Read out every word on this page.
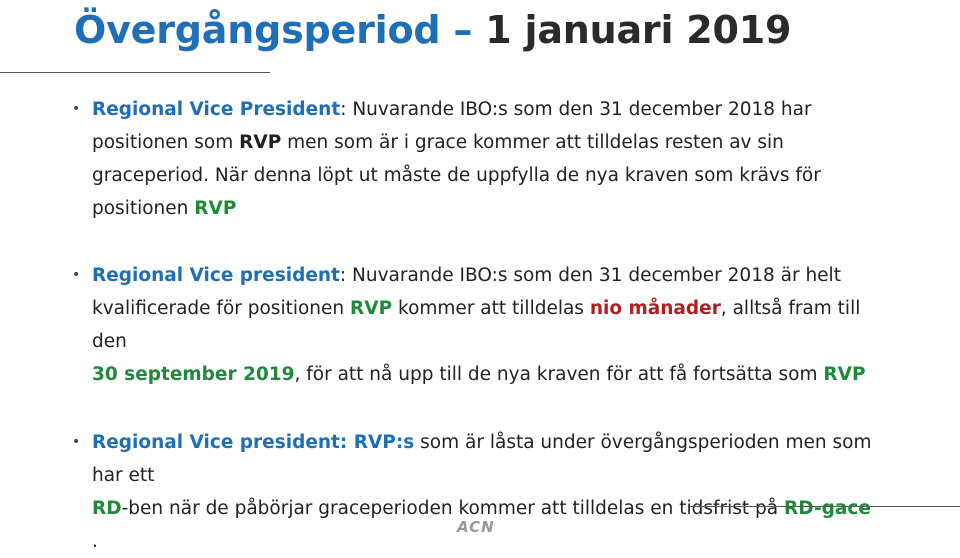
Övergångsperiod – 1 januari 2019
• Regional Vice President: Nuvarande IBO:s som den 31 december 2018 har
positionen som RVP men som är i grace kommer att tilldelas resten av sin
graceperiod. När denna löpt ut måste de uppfylla de nya kraven som krävs för
positionen RVP
• Regional Vice president: Nuvarande IBO:s som den 31 december 2018 är helt
kvalificerade för positionen RVP kommer att tilldelas nio månader, alltså fram till
den
30 september 2019, för att nå upp till de nya kraven för att få fortsätta som RVP
• Regional Vice president: RVP:s som är låsta under övergångsperioden men som
har ett
RD-ben när de påbörjar graceperioden kommer att tilldelas en tidsfrist på RD-gace
.
ACN
